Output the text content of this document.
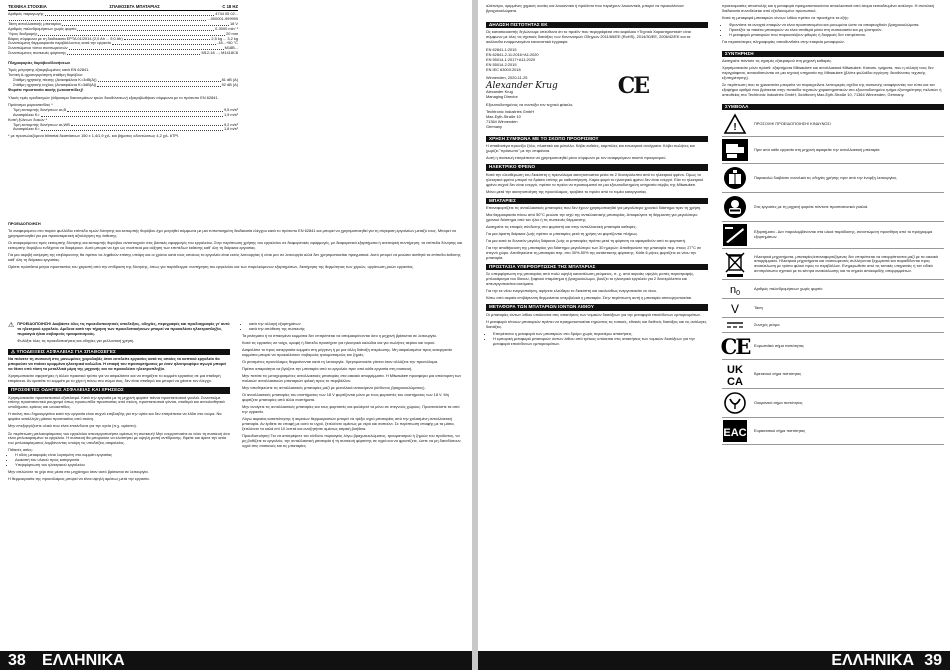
ΤΕΧΝΙΚΑ ΣΤΟΙΧΕΙΑ	ΣΠΑΘΟΣΕΓΑ ΜΠΑΤΑΡΙΑΣ	C 18 HZ
Αριθμός παραγωγής	4744 05 02...
...000001-999999
Τάση ανταλλακτικής μπαταρίας	18 V
Αριθμός παλινδρομήσεων χωρίς φορτίο	0-3000 min⁻¹
Ύψος διαδρομής	20 mm
Βάρος σύμφωνα με τη διαδικασία EPTA 01/2014 (2,0 Ah ... 9,0 Ah)	2,5 kg ... 3,2 kg
Συνιστώμενη θερμοκρασία περιβάλλοντος κατά την εργασία	-18...+50 °C
Συνιστώμενοι τύποι συσσωρευτών	M18B...
Συνιστώμενες συσκευές φόρτισης	M12-18 ...; M1418C6

Πληροφορίες θορύβου/δονήσεων

Τιμές μέτρησης εξακριβωμένες κατά EN 62841.

Τυπική Α-ηχοσυγκρότηση στάθμη θορύβου:

Στάθμη ηχητικής πίεσης (Ανασφάλεια K=3dB(A))	81 dB (A)
Στάθμη ηχητικής ισχύος (Ανασφάλεια K=3dB(A))	92 dB (A)

Φοράτε προστασία ακοής (ωτοασπίδες)!

Υλικές τιμές κραδασμών (άθροισμα διανυσμάτων τριών διευθύνσεων) εξακριβωθήκαν σύμφωνα με το πρότυπο EN 62841.

Πριόνισμα μοριοσανίδας *
Τιμή εκπομπής δονήσεων aₕ,B	9,5 m/s²
Ανασφάλεια K=	1,9 m/s²
Κοπή ξύλινων δοκών *
Τιμή εκπομπής δονήσεων aₕ,WB	9,2 m/s²
Ανασφάλεια K=	1,8 m/s²

* με προσωλαζόμενο blimetal διαστάσεων 150 x 1,4/1,9 χιλ. και βήματος οδοντώσεως 4,2 χιλ. 6TPI.

ΠΡΟΕΙΔΟΠΟΙΗΣΗ

Το αναφερόμενο στο παρόν φυλλάδιο επίπεδο τιμών δόνησης και εκπομπής θορύβου έχει μετρηθεί σύμφωνα με μια τυποποιημένη διαδικασία ελέγχου κατά το πρότυπο EN 62841 και μπορεί να χρησιμοποιηθεί για τη σύγκριση εργαλείων μεταξύ τους. Μπορεί να χρησιμοποιηθεί για μια προκαταρκτική αξιολόγηση της έκθεσης.

Οι αναφερόμενες τιμές εκπομπής δόνησης και εκπομπής θορύβου αντιστοιχούν στις βασικές εφαρμογές του εργαλείου. Στην περίπτωση χρήσης του εργαλείου σε διαφορετικές εφαρμογές, με διαφορετικά εξαρτήματα ή ανεπαρκή συντήρηση, τα επίπεδα δόνησης και εκπομπής θορύβου ενδέχεται να διαφέρουν. Αυτό μπορεί να έχει ως συνέπεια μια αύξηση των επιπέδων έκθεσης καθ' όλη τη διάρκεια εργασίας.

Για μια ακριβή εκτίμηση της επιβάρυνσης θα πρέπει να ληφθούν επίσης υπόψη και οι χρόνοι κατά τους οποίους το εργαλείο είναι εκτός λειτουργίας ή είναι μεν σε λειτουργία αλλά δεν χρησιμοποιείται πραγματικά. Αυτό μπορεί να μειώσει αισθητά τα επίπεδα έκθεσης καθ' όλη τη διάρκεια εργασίας.

Ορίστε πρόσθετα μέτρα προστασίας του χειριστή από την επίδραση της δόνησης, όπως για παράδειγμα: συντήρηση του εργαλείου και των παρελκόμενων εξαρτημάτων, διατήρηση της θερμότητας των χεριών, οργάνωση ροών εργασίας.

⚠ ΠΡΟΕΙΔΟΠΟΙΗΣΗ! Διαβάστε όλες τις προειδοποιητικές υποδείξεις, οδηγίες, περιγραφές και προδιαγραφές γι' αυτό το ηλεκτρικό εργαλείο. Αμέλεια κατά την τήρηση των προειδοποιήσεων μπορεί να προκαλέσει ηλεκτροπληξία, πυρκαγιά ή/και σοβαρούς τραυματισμούς.

Φυλάξτε όλες τις προειδοποιήσεις και οδηγίες για μελλοντική χρήση.

⚠ ΥΠΟΔΕΙΞΕΙΣ ΑΣΦΑΛΕΙΑΣ ΓΙΑ ΣΠΑΘΟΣΕΓΕΣ

Να πιάνετε τη συσκευή στις μονωμένες χειρολαβές όταν εκτελείτε εργασίες κατά τις οποίες το κοπτικό εργαλείο θα μπορούσε να πιάσει κρυμμένα ηλεκτρικά καλώδια. Η επαφή του προσαρτήματος με έναν ηλεκτροφόρο αγωγό μπορεί να θέσει υπό τάση τα μεταλλικά μέρη της μηχανής και να προκαλέσει ηλεκτροπληξία.

Χρησιμοποιείτε σφιγκτήρες ή άλλον πρακτικό τρόπο για να ασφαλίσετε και να στηρίξετε το κομμάτι εργασίας σε μια σταθερή επιφάνεια. Αν κρατάτε το κομμάτι με το χέρι ή πάνω στο σώμα σας, δεν είναι σταθερό και μπορεί να χάσετε τον έλεγχο.

ΠΡΟΣΘΕΤΕΣ ΟΔΗΓΙΕΣ ΑΣΦΑΛΕΙΑΣ ΚΑΙ ΧΡΗΣΕΩΣ

Χρησιμοποιείτε προστατευτικό εξοπλισμό. Κατά την εργασία με τη μηχανή φοράτε πάντα προστατευτικά γυαλιά. Συνιστούμε επίσης προστατευτικό ρουχισμό όπως προσωπίδα προστασίας από σκόνη, προστατευτικά γάντια, σταθερά και αντιολισθητικά υποδήματα, κράνος και ωτοασπίδες.

Η σκόνη που δημιουργείται κατά την εργασία είναι συχνά επιβλαβής για την υγεία και δεν επιτρέπεται να έλθει στο σώμα. Να φοράτε κατάλληλη μάσκα προστασίας από σκόνη.

Μην επεξεργάζεστε υλικά που είναι επικίνδυνα για την υγεία (π.χ. αμίαντο).

Σε περίπτωση μπλοκαρίσματος του εργαλείου απενεργοποιήστε αμέσως τη συσκευή! Μην ενεργοποιείτε εκ νέου τη συσκευή όσο είναι μπλοκαρισμένο το εργαλείο. Η συσκευή θα μπορούσε να κλοτσήσει με υψηλή ροπή αντίδρασης. Βρείτε και άρετε την αιτία του μπλοκαρίσματος λαμβάνοντας υπόψη τις υποδείξεις ασφαλείας.

Πιθανές αιτίες:

• Η οδός μεταφοράς είναι λυγισμένη στο κομμάτι εργασίας
• Διακοπή του υλικού προς κατεργασία
• Υπερφόρτωση του ηλεκτρικού εργαλείου

Μην απλώνετε το χέρι σας μέσα στο μηχάνημα όταν αυτό βρίσκεται σε λειτουργία.

Η θερμοκρασία της πριονόλαμας μπορεί να είναι υψηλή αμέσως μετά την εργασία.

• κατά την αλλαγή εξαρτημάτων
• κατά την απόθεση της συσκευής

Τα ρινίσματα ή τα σπασμένα κομμάτια δεν επιτρέπεται να απομακρύνονται όσο η μηχανή βρίσκεται σε λειτουργία.

Κατά τις εργασίες σε τοίχο, οροφή ή δάπεδο προσέχετε για ηλεκτρικά καλώδια και για σωλήνες αερίου και νερού.

Ασφαλίστε το προς κατεργασία κομμάτι στη μέγγενη ή με μια άλλη διάταξη στερέωσης. Μη ασφαλισμένα προς κατεργασία κομμάτια μπορεί να προκαλέσουν σοβαρούς τραυματισμούς και ζημιές.

Οι ρινισμένες πριονόλαμες θερμαίνονται κατά τη λειτουργία. Χρησιμοποιείτε γάντια όταν αλλάζετε την πριονόλαμα.

Πρέπει απαραίτητα να βγάζετε την μπαταρία από το εργαλείο πριν από κάθε εργασία στη συσκευή.

Μην πετάτε τις μεταχειρισμένες ανταλλακτικές μπαταρίες στα οικιακά απορρίμματα. Η Milwaukee προσφέρει μια απόσυρση των παλαιών ανταλλακτικών μπαταριών φιλική προς το περιβάλλον.

Μην αποθηκεύετε τις ανταλλακτικές μπαταρίες μαζί με μεταλλικά αντικείμενα (κίνδυνος βραχυκυκλώματος).

Οι ανταλλακτικές μπαταρίες του συστήματος των 18 V φορτίζονται μόνο με τους φορτιστές του συστήματος των 18 V. Μη φορτίζετε μπαταρίες από άλλα συστήματα.

Μην ανοίγετε τις ανταλλακτικές μπαταρίες και τους φορτιστές και φυλάγετέ τα μόνο σε στεγνούς χώρους. Προστατεύστε τα από την υγρασία.

Λόγω ακραίας καταπόνησης ή ακραίων θερμοκρασιών μπορεί να τρέξει υγρό μπαταρίας από την χαλασμένη ανταλλακτική μπαταρία. Αν έρθετε σε επαφή με αυτό το υγρό, ξεπλύνετε αμέσως με νερό και σαπούνι. Σε περίπτωση επαφής με τα μάτια, ξεπλύνετε τα καλά επί 10 λεπτά και αναζητήστε αμέσως ιατρική βοήθεια.

Προειδοποίηση! Για να αποτρέψετε τον κίνδυνο πυρκαγιάς λόγω βραχυκυκλώματος, τραυματισμού ή ζημιών του προϊόντος, να μη βυθίζετε το εργαλείο, την ανταλλακτική μπαταρία ή τη συσκευή φόρτισης σε υγρά και να φροντίζετε, ώστε να μη διεισδύσουν υγρά στις συσκευές και τις μπαταρίες.

38 ΕΛΛΗΝΙΚΑ

αλάτινερο, οριμμένες χημικές ουσίες και λευκαντικά ή προϊόντα που περιέχουν λευκαντικά, μπορεί να προκαλέσουν βραχυκυκλώματα.

ΔΗΛΩΣΗ ΠΙΣΤΟΤΗΤΑΣ ΕΚ

Ως κατασκευαστής δηλώνουμε υπεύθυνα ότι το προϊόν που περιγράφεται στο κεφάλαιο «Τεχνικά Χαρακτηριστικά» είναι σύμφωνο με όλες τις σχετικές διατάξεις των Κανονισμών Οδηγιών 2011/65/ΕΕ (RoHS), 2014/30/ΕΕ, 2006/42/ΕΚ και τα ακόλουθα εναρμονισμένα κανονιστικά έγγραφα:

EN 62841-1:2015
EN 62841-2-11:2016+A1:2020
EN 55014-1:2017+A11:2020
EN 55014-2:2015
EN IEC 63000:2018

Winnenden, 2020-11-25

Alexander Krug	CE
Alexander Krug
Managing Director

Εξουσιοδοτημένος να συντάξει τον τεχνικό φάκελο.

Techtronic Industries GmbH
Max-Eyth-Straße 10
71364 Winnenden
Germany
ΧΡΗΣΗ ΣΥΜΦΩΝΑ ΜΕ ΤΟ ΣΚΟΠΟ ΠΡΟΟΡΙΣΜΟΥ

Η σπαθοσέγα πριονίζει ξύλο, πλαστικό και μέταλλο. Κόβει ευθείες, καμπύλες και εσωτερικά ανοίγματα. Κόβει σωλήνες και χωρίζει "πρόσωπο" με την επιφάνεια.

Αυτή η συσκευή επιτρέπεται να χρησιμοποιηθεί μόνο σύμφωνα με τον αναφερόμενο σκοπό προορισμού.

ΗΛΕΚΤΡΙΚΟ ΦΡΕΝΟ

Κατά την ελευθέρωση του διακόπτη η πριονόλαμα ακινητοποιείται μέσα σε 2 δευτερόλεπτα από το ηλεκτρικό φρένο. Όμως το ηλεκτρικό φρένο μπορεί να δράσει επίσης με καθυστέρηση. Καμία φορά το ηλεκτρικό φρένο δεν είναι ενεργό. Εάν το ηλεκτρικό φρένο συχνά δεν είναι ενεργό, πρέπει το πριόνι να προσκομιστεί σε μια εξουσιοδοτημένη υπηρεσία σέρβις της Milwaukee.

Μόνο μετά την ακινητοποίηση της πριονόλαμας, τραβάτε το πριόνι από το τομέα κατεργασίας.

ΜΠΑΤΑΡΙΕΣ

Επαναφορτίζετε τις ανταλλακτικές μπαταρίες που δεν έχουν χρησιμοποιηθεί για μεγαλύτερο χρονικό διάστημα πριν τη χρήση.

Μια θερμοκρασία πάνω από 50°C μειώνει την ισχύ της ανταλλακτικής μπαταρίας. Αποφεύγετε τη θέρμανση για μεγαλύτερο χρονικό διάστημα από τον ήλιο ή τις συσκευές θέρμανσης.

Διατηρείτε τις επαφές σύνδεσης στο φορτιστή και στην ανταλλακτική μπαταρία καθαρές.

Για μια άριστη διάρκεια ζωής πρέπει οι μπαταρίες μετά τη χρήση να φορτίζονται πλήρως.

Για μια κατά το δυνατόν μεγάλη διάρκεια ζωής οι μπαταρίες πρέπει μετά τη φόρτιση να αφαιρεθούν από το φορτιστή.

Για την αποθήκευση της μπαταρίας για διάστημα μεγαλύτερο των 30 ημερών: Αποθηκεύετε την μπαταρία περ. στους 27°C σε στεγνό χώρο. Αποθηκεύετε τη μπαταρία περ. στο 30%-50% της κατάστασης φόρτισης. Κάθε 6 μήνες φορτίζετε εκ νέου την μπαταρία.

ΠΡΟΣΤΑΣΙΑ ΥΠΕΡΦΟΡΤΩΣΗΣ ΤΗΣ ΜΠΑΤΑΡΙΑΣ

Σε υπερφόρτωση της μπαταρίας από πολύ υψηλή κατανάλωση ρεύματος, π. χ. από ακραίες υψηλές ροπές περιστροφής, μπλοκάρισμα του δίσκου, ξαφνικό σταμάτημα ή βραχυκύκλωμα, βουίζει το ηλεκτρικό εργαλείο για 2 δευτερόλεπτα και απενεργοποιείται αυτόματα.

Για την εκ νέου ενεργοποίηση, αφήνετε ελεύθερο το διακόπτη και ακολούθως ενεργοποιείτε εκ νέου.

Κάτω από ακραία επιβάρυνση θερμαίνεται υπερβολικά η μπαταρία. Στην περίπτωση αυτή η μπαταρία απενεργοποιείται.

ΜΕΤΑΦΟΡΑ ΤΩΝ ΜΠΑΤΑΡΙΩΝ ΙΟΝΤΩΝ ΛΙΘΙΟΥ

Οι μπαταρίες ιόντων λιθίου υπόκεινται στις απαιτήσεις των νομικών διατάξεων για την μεταφορά επικίνδυνων εμπορευμάτων.

Η μεταφορά τέτοιων μπαταριών πρέπει να πραγματοποιείται τηρώντας τις τοπικές, εθνικές και διεθνείς διατάξεις και τις ανάλογες διατάξεις.

• Επιτρέπεται η μεταφορά των μπαταριών στο δρόμο χωρίς περαιτέρω απαιτήσεις.
• Η εμπορική μεταφορά μπαταριών ιόντων λιθίου από τρίτους υπόκειται στις απαιτήσεις των νομικών διατάξεων για την μεταφορά επικίνδυνων εμπορευμάτων.

προετοιμασίες αποστολής και η μεταφορά πραγματοποιούνται αποκλειστικά από άτομα εκπαιδευμένα ανάλογα. Η συνολική διαδικασία συνοδεύεται από εξειδικευμένο προσωπικό.

Κατά τη μεταφορά μπαταριών ιόντων λιθίου πρέπει να προσέχετε τα εξής:

• Φροντίστε τα ανοιχτά επαφών να είναι προστατευμένα και μονωμένα ώστε να αποφευχθούν βραχυκυκλώματα.
• Προσέξτε τα πακέτα μπαταριών να είναι σταθερά μέσα στη συσκευασία και μη γλιστρούν.
• Η μεταφορά μπαταριών που παρουσιάζουν φθορές ή διαρροές δεν επιτρέπεται.

Για περισσότερες πληροφορίες απευθυνθείτε στην εταιρεία μεταφορών.

ΣΥΝΤΗΡΗΣΗ

Διατηρείτε πάντοτε τις σχισμές εξαερισμού στη μηχανή καθαρές.

Χρησιμοποιείτε μόνο πρόσθ. εξαρτήματα Milwaukee και ανταλλακτικά Milwaukee. Κατασκ. τμήματα, που η αλλαγή τους δεν περιγράφεται, αντικαθιστώνται σε μια τεχνική υπηρεσία της Milwaukee (βλέπε φυλλάδιο εγγύηση: διευθύνσεις τεχνικής εξυπηρέτησης).

Σε περίπτωση που το χρειαστείτε μπορείτε να παραγγείλετε λεπτομερές σχέδιο της συσκευής αναφέροντας τον τύπο και τον εξαψήφιο αριθμό που βρίσκεται στην πινακίδα τεχνικών χαρακτηριστικών στο εξουσιοδοτημένο τμήμα εξυπηρέτησης πελατών ή απευθείας στο Techtronic Industries GmbH, διεύθυνση Max-Eyth-Straße 10, 71364 Winnenden, Germany.

ΣΥΜΒΟΛΑ
!	ΠΡΟΣΟΧΗ! ΠΡΟΕΙΔΟΠΟΙΗΣΗ! ΚΙΝΔΥΝΟΣ!
Πριν από κάθε εργασία στη μηχανή αφαιρείτε την ανταλλακτική μπαταρία.
Παρακαλώ διαβάστε συνολικά τις οδηγίες χρήσης πριν από την έναρξη λειτουργίας.
Στις εργασίες με τη μηχανή φοράτε πάντοτε προστατευτικά γυαλιά.
Εξαρτήματα - Δεν παραλαμβάνονται στα υλικά παράδοσης, συνιστώμενη προσθήκη από το πρόγραμμα εξαρτημάτων.
Ηλεκτρικά μηχανήματα, μπαταρίες/επαναφορτιζόμενες δεν επιτρέπεται να απορρίπτονται μαζί με τα οικιακά απορρίμματα. Ηλεκτρικά μηχανήματα και συσσωρευτές συλλέγονται ξεχωριστά και παραδίδονται προς ανακύκλωση με τρόπο φιλικό προς το περιβάλλον. Ενημερωθείτε από τις τοπικές υπηρεσίες ή τον ειδικό αντιπρόσωπο σχετικά με τα κέντρα ανακύκλωσης και τα σημεία αποκομιδής απορριμμάτων.
n0
Αριθμός παλινδρομήσεων χωρίς φορτίο
V	Τάση
Συνεχές ρεύμα
CE Ευρωπαϊκό σήμα πιστότητας
UK
CA
Βρετανικό σήμα πιστότητας
Ουκρανικό σήμα πιστότητας
EAC Ευρασιατικό σήμα πιστότητας
ΕΛΛΗΝΙΚΑ 39
